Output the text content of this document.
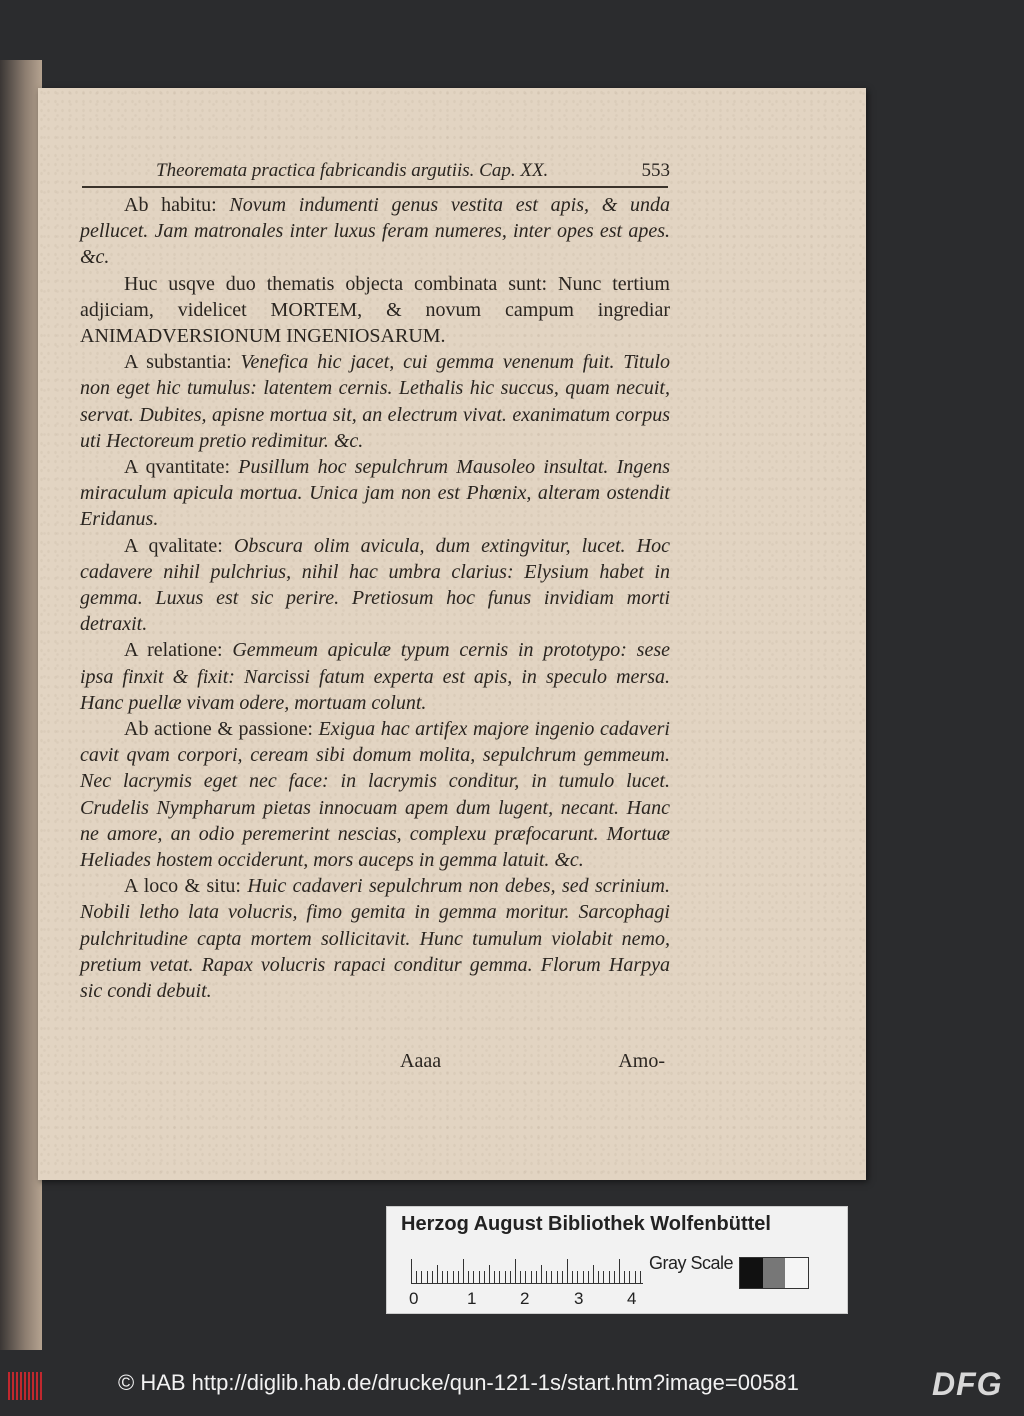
Theoremata practica fabricandis argutiis. Cap. XX.	553

Ab habitu: Novum indumenti genus vestita est apis, & unda pellucet. Jam matronales inter luxus feram numeres, inter opes est apes. &c.

Huc usqve duo thematis objecta combinata sunt: Nunc tertium adjiciam, videlicet MORTEM, & novum campum ingrediar ANIMADVERSIONUM INGENIOSARUM.

A substantia: Venefica hic jacet, cui gemma venenum fuit. Titulo non eget hic tumulus: latentem cernis. Lethalis hic succus, quam necuit, servat. Dubites, apisne mortua sit, an electrum vivat. exanimatum corpus uti Hectoreum pretio redimitur. &c.

A qvantitate: Pusillum hoc sepulchrum Mausoleo insultat. Ingens miraculum apicula mortua. Unica jam non est Phœnix, alteram ostendit Eridanus.

A qvalitate: Obscura olim avicula, dum extingvitur, lucet. Hoc cadavere nihil pulchrius, nihil hac umbra clarius: Elysium habet in gemma. Luxus est sic perire. Pretiosum hoc funus invidiam morti detraxit.

A relatione: Gemmeum apiculæ typum cernis in prototypo: sese ipsa finxit & fixit: Narcissi fatum experta est apis, in speculo mersa. Hanc puellæ vivam odere, mortuam colunt.

Ab actione & passione: Exigua hac artifex majore ingenio cadaveri cavit qvam corpori, ceream sibi domum molita, sepulchrum gemmeum. Nec lacrymis eget nec face: in lacrymis conditur, in tumulo lucet. Crudelis Nympharum pietas innocuam apem dum lugent, necant. Hanc ne amore, an odio peremerint nescias, complexu præfocarunt. Mortuæ Heliades hostem occiderunt, mors auceps in gemma latuit. &c.

A loco & situ: Huic cadaveri sepulchrum non debes, sed scrinium. Nobili letho lata volucris, fimo gemita in gemma moritur. Sarcophagi pulchritudine capta mortem sollicitavit. Hunc tumulum violabit nemo, pretium vetat. Rapax volucris rapaci conditur gemma. Florum Harpya sic condi debuit.

Aaaa	Amo-
Herzog August Bibliothek Wolfenbüttel
0	1	2	3	4
Gray Scale
© HAB http://diglib.hab.de/drucke/qun-121-1s/start.htm?image=00581	DFG
